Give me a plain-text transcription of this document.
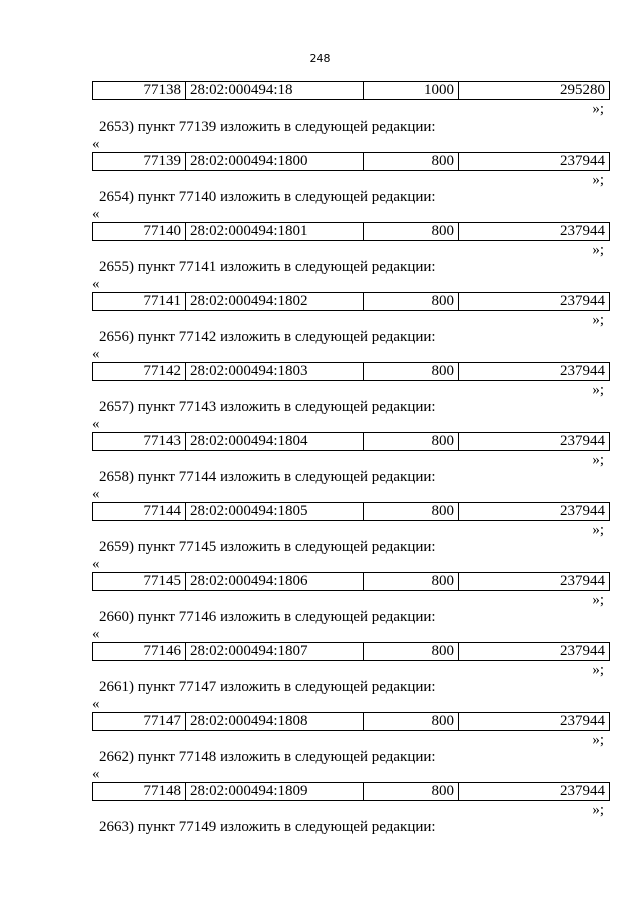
248
77138	28:02:000494:18	1000	295280
»;
2653) пункт 77139 изложить в следующей редакции:
«
77139	28:02:000494:1800	800	237944
»;
2654) пункт 77140 изложить в следующей редакции:
«
77140	28:02:000494:1801	800	237944
»;
2655) пункт 77141 изложить в следующей редакции:
«
77141	28:02:000494:1802	800	237944
»;
2656) пункт 77142 изложить в следующей редакции:
«
77142	28:02:000494:1803	800	237944
»;
2657) пункт 77143 изложить в следующей редакции:
«
77143	28:02:000494:1804	800	237944
»;
2658) пункт 77144 изложить в следующей редакции:
«
77144	28:02:000494:1805	800	237944
»;
2659) пункт 77145 изложить в следующей редакции:
«
77145	28:02:000494:1806	800	237944
»;
2660) пункт 77146 изложить в следующей редакции:
«
77146	28:02:000494:1807	800	237944
»;
2661) пункт 77147 изложить в следующей редакции:
«
77147	28:02:000494:1808	800	237944
»;
2662) пункт 77148 изложить в следующей редакции:
«
77148	28:02:000494:1809	800	237944
»;
2663) пункт 77149 изложить в следующей редакции:
